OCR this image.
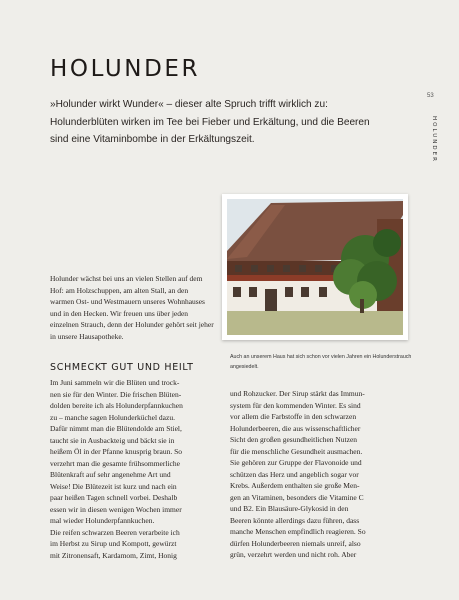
HOLUNDER
53
HOLUNDER

»Holunder wirkt Wunder« – dieser alte Spruch trifft wirklich zu: Holunderblüten wirken im Tee bei Fieber und Erkältung, und die Beeren sind eine Vitaminbombe in der Erkältungszeit.

Auch an unserem Haus hat sich schon vor vielen Jahren ein Holunderstrauch angesiedelt.

Holunder wächst bei uns an vielen Stellen auf dem Hof: am Holzschuppen, am alten Stall, an den warmen Ost- und Westmauern unseres Wohnhauses und in den Hecken. Wir freuen uns über jeden einzelnen Strauch, denn der Holunder gehört seit jeher in unsere Hausapotheke.

SCHMECKT GUT UND HEILT
Im Juni sammeln wir die Blüten und trock-
nen sie für den Winter. Die frischen Blüten-
dolden bereite ich als Holunderpfannkuchen
zu – manche sagen Holunderküchel dazu.
Dafür nimmt man die Blütendolde am Stiel,
taucht sie in Ausbackteig und bäckt sie in
heißem Öl in der Pfanne knusprig braun. So
verzehrt man die gesamte frühsommerliche
Blütenkraft auf sehr angenehme Art und
Weise! Die Blütezeit ist kurz und nach ein
paar heißen Tagen schnell vorbei. Deshalb
essen wir in diesen wenigen Wochen immer
mal wieder Holunderpfannkuchen.
Die reifen schwarzen Beeren verarbeite ich
im Herbst zu Sirup und Kompott, gewürzt
mit Zitronensaft, Kardamom, Zimt, Honig
und Rohzucker. Der Sirup stärkt das Immun-
system für den kommenden Winter. Es sind
vor allem die Farbstoffe in den schwarzen
Holunderbeeren, die aus wissenschaftlicher
Sicht den großen gesundheitlichen Nutzen
für die menschliche Gesundheit ausmachen.
Sie gehören zur Gruppe der Flavonoide und
schützen das Herz und angeblich sogar vor
Krebs. Außerdem enthalten sie große Men-
gen an Vitaminen, besonders die Vitamine C
und B2. Ein Blausäure-Glykosid in den
Beeren könnte allerdings dazu führen, dass
manche Menschen empfindlich reagieren. So
dürfen Holunderbeeren niemals unreif, also
grün, verzehrt werden und nicht roh. Aber
